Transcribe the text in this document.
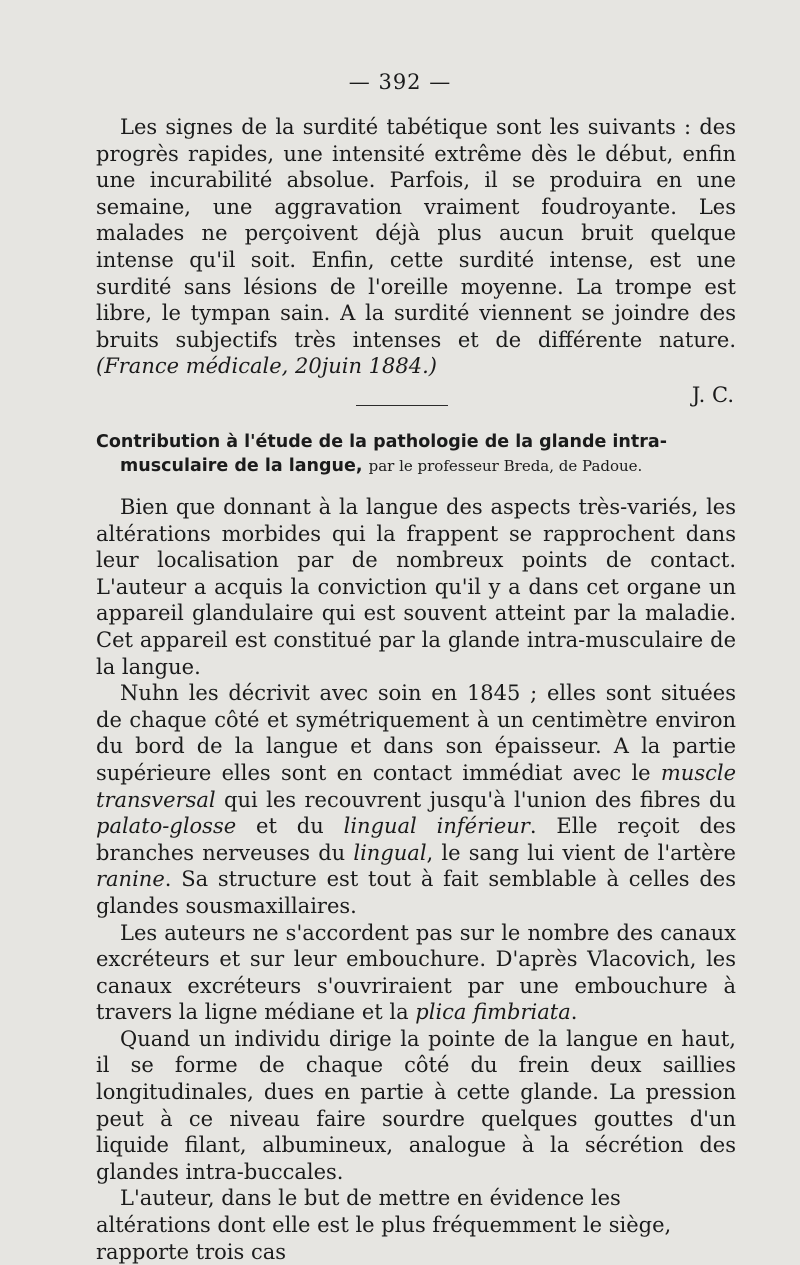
— 392 —

Les signes de la surdité tabétique sont les suivants : des progrès rapides, une intensité extrême dès le début, enfin une incurabilité absolue. Parfois, il se produira en une semaine, une aggravation vraiment foudroyante. Les malades ne perçoivent déjà plus aucun bruit quelque intense qu'il soit. Enfin, cette surdité intense, est une surdité sans lésions de l'oreille moyenne. La trompe est libre, le tympan sain. A la surdité viennent se joindre des bruits subjectifs très intenses et de différente nature. (France médicale, 20juin 1884.)

J. C.

Contribution à l'étude de la pathologie de la glande intra-
musculaire de la langue, par le professeur Breda, de Padoue.

Bien que donnant à la langue des aspects très-variés, les altérations morbides qui la frappent se rapprochent dans leur localisation par de nombreux points de contact. L'auteur a acquis la conviction qu'il y a dans cet organe un appareil glandulaire qui est souvent atteint par la maladie. Cet appareil est constitué par la glande intra-musculaire de la langue.

Nuhn les décrivit avec soin en 1845 ; elles sont situées de chaque côté et symétriquement à un centimètre environ du bord de la langue et dans son épaisseur. A la partie supérieure elles sont en contact immédiat avec le muscle transversal qui les recouvrent jusqu'à l'union des fibres du palato-glosse et du lingual inférieur. Elle reçoit des branches nerveuses du lingual, le sang lui vient de l'artère ranine. Sa structure est tout à fait semblable à celles des glandes sousmaxillaires.

Les auteurs ne s'accordent pas sur le nombre des canaux excréteurs et sur leur embouchure. D'après Vlacovich, les canaux excréteurs s'ouvriraient par une embouchure à travers la ligne médiane et la plica fimbriata.

Quand un individu dirige la pointe de la langue en haut, il se forme de chaque côté du frein deux saillies longitudinales, dues en partie à cette glande. La pression peut à ce niveau faire sourdre quelques gouttes d'un liquide filant, albumineux, analogue à la sécrétion des glandes intra-buccales.

L'auteur, dans le but de mettre en évidence les altérations dont elle est le plus fréquemment le siège, rapporte trois cas
